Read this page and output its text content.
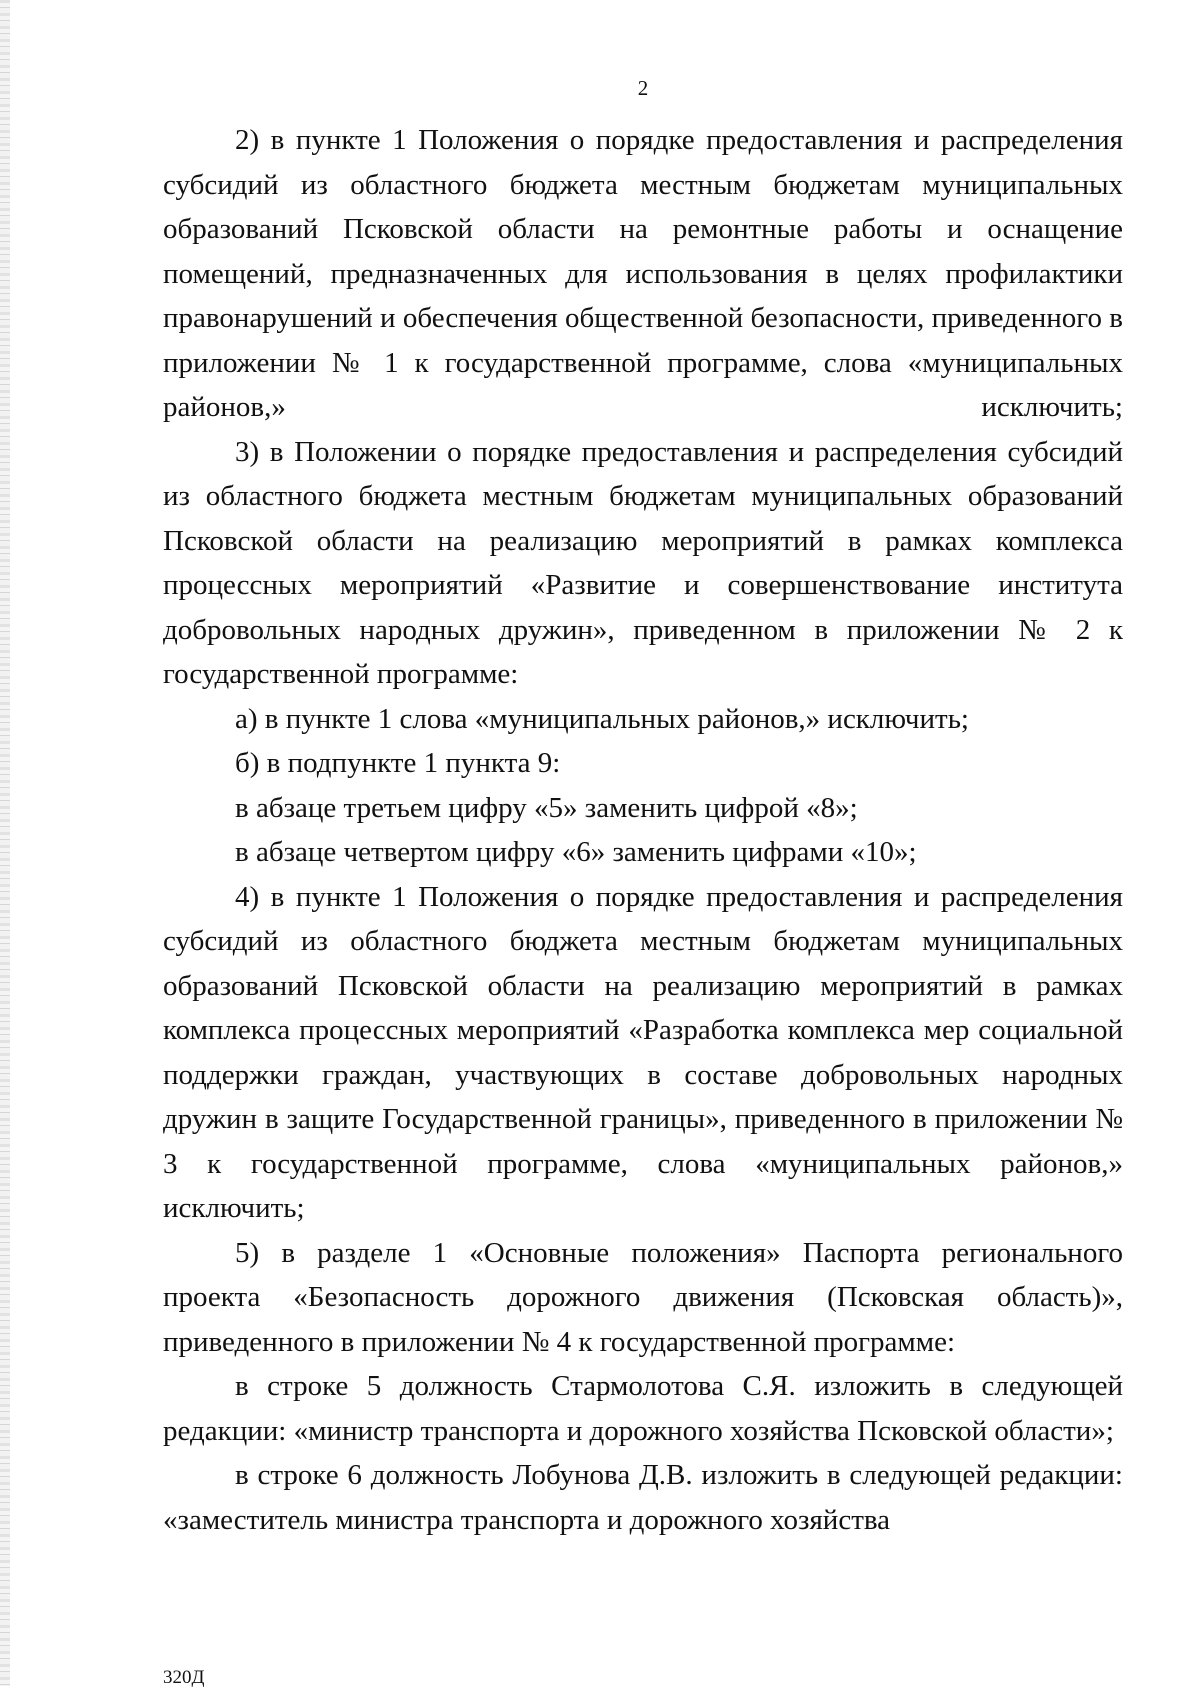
2

2) в пункте 1 Положения о порядке предоставления и распределения субсидий из областного бюджета местным бюджетам муниципальных образований Псковской области на ремонтные работы и оснащение помещений, предназначенных для использования в целях профилактики правонарушений и обеспечения общественной безопасности, приведенного в приложении № 1 к государственной программе, слова «муниципальных районов,» исключить;

3) в Положении о порядке предоставления и распределения субсидий из областного бюджета местным бюджетам муниципальных образований Псковской области на реализацию мероприятий в рамках комплекса процессных мероприятий «Развитие и совершенствование института добровольных народных дружин», приведенном в приложении № 2 к государственной программе:

а) в пункте 1 слова «муниципальных районов,» исключить;

б) в подпункте 1 пункта 9:

в абзаце третьем цифру «5» заменить цифрой «8»;

в абзаце четвертом цифру «6» заменить цифрами «10»;

4) в пункте 1 Положения о порядке предоставления и распределения субсидий из областного бюджета местным бюджетам муниципальных образований Псковской области на реализацию мероприятий в рамках комплекса процессных мероприятий «Разработка комплекса мер социальной поддержки граждан, участвующих в составе добровольных народных дружин в защите Государственной границы», приведенного в приложении № 3 к государственной программе, слова «муниципальных районов,» исключить;

5) в разделе 1 «Основные положения» Паспорта регионального проекта «Безопасность дорожного движения (Псковская область)», приведенного в приложении № 4 к государственной программе:

в строке 5 должность Стармолотова С.Я. изложить в следующей редакции: «министр транспорта и дорожного хозяйства Псковской области»;

в строке 6 должность Лобунова Д.В. изложить в следующей редакции: «заместитель министра транспорта и дорожного хозяйства

320Д
